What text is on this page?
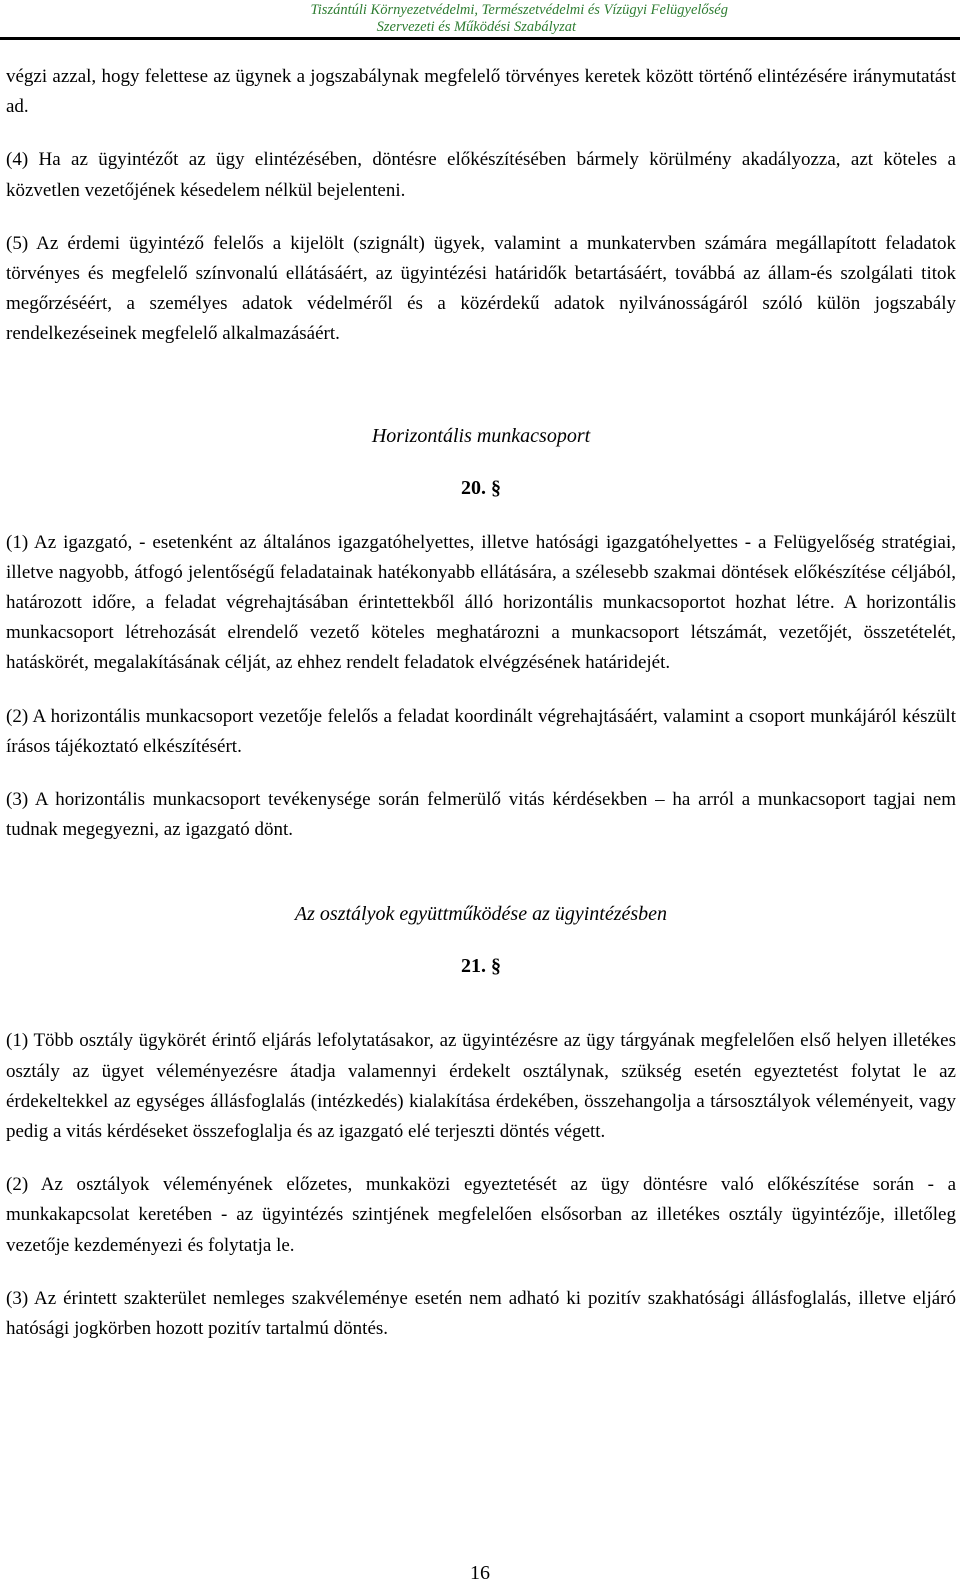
Tiszántúli Környezetvédelmi, Természetvédelmi és Vízügyi Felügyelőség
Szervezeti és Működési Szabályzat

végzi azzal, hogy felettese az ügynek a jogszabálynak megfelelő törvényes keretek között történő elintézésére iránymutatást ad.

(4) Ha az ügyintézőt az ügy elintézésében, döntésre előkészítésében bármely körülmény akadályozza, azt köteles a közvetlen vezetőjének késedelem nélkül bejelenteni.

(5) Az érdemi ügyintéző felelős a kijelölt (szignált) ügyek, valamint a munkatervben számára megállapított feladatok törvényes és megfelelő színvonalú ellátásáért, az ügyintézési határidők betartásáért, továbbá az állam-és szolgálati titok megőrzéséért, a személyes adatok védelméről és a közérdekű adatok nyilvánosságáról szóló külön jogszabály rendelkezéseinek megfelelő alkalmazásáért.

Horizontális munkacsoport

20. §

(1) Az igazgató, - esetenként az általános igazgatóhelyettes, illetve hatósági igazgatóhelyettes - a Felügyelőség stratégiai, illetve nagyobb, átfogó jelentőségű feladatainak hatékonyabb ellátására, a szélesebb szakmai döntések előkészítése céljából, határozott időre, a feladat végrehajtásában érintettekből álló horizontális munkacsoportot hozhat létre. A horizontális munkacsoport létrehozását elrendelő vezető köteles meghatározni a munkacsoport létszámát, vezetőjét, összetételét, hatáskörét, megalakításának célját, az ehhez rendelt feladatok elvégzésének határidejét.

(2) A horizontális munkacsoport vezetője felelős a feladat koordinált végrehajtásáért, valamint a csoport munkájáról készült írásos tájékoztató elkészítésért.

(3) A horizontális munkacsoport tevékenysége során felmerülő vitás kérdésekben – ha arról a munkacsoport tagjai nem tudnak megegyezni, az igazgató dönt.

Az osztályok együttműködése az ügyintézésben

21. §

(1) Több osztály ügykörét érintő eljárás lefolytatásakor, az ügyintézésre az ügy tárgyának megfelelően első helyen illetékes osztály az ügyet véleményezésre átadja valamennyi érdekelt osztálynak, szükség esetén egyeztetést folytat le az érdekeltekkel az egységes állásfoglalás (intézkedés) kialakítása érdekében, összehangolja a társosztályok véleményeit, vagy pedig a vitás kérdéseket összefoglalja és az igazgató elé terjeszti döntés végett.

(2) Az osztályok véleményének előzetes, munkaközi egyeztetését az ügy döntésre való előkészítése során - a munkakapcsolat keretében - az ügyintézés szintjének megfelelően elsősorban az illetékes osztály ügyintézője, illetőleg vezetője kezdeményezi és folytatja le.

(3) Az érintett szakterület nemleges szakvéleménye esetén nem adható ki pozitív szakhatósági állásfoglalás, illetve eljáró hatósági jogkörben hozott pozitív tartalmú döntés.

16
